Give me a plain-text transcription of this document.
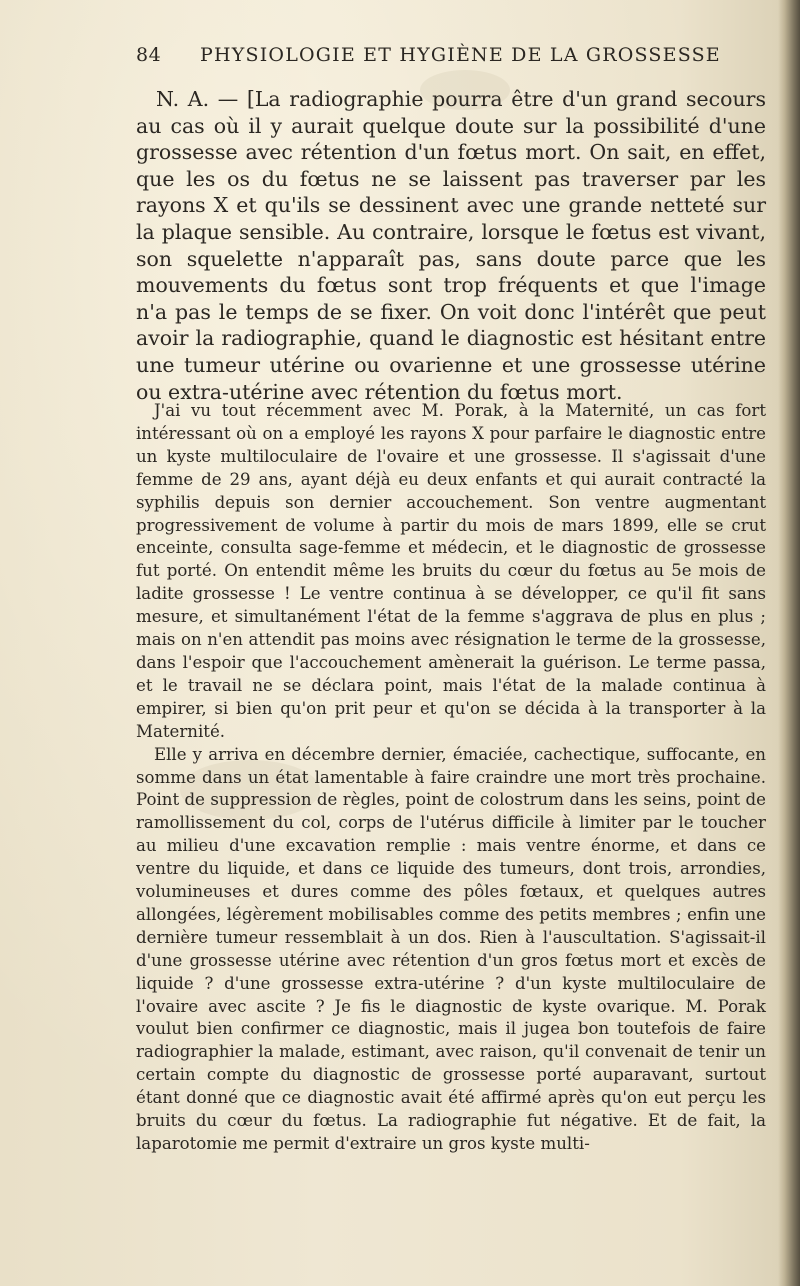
84 PHYSIOLOGIE ET HYGIÈNE DE LA GROSSESSE

N. A. — [La radiographie pourra être d'un grand secours au cas où il y aurait quelque doute sur la possibilité d'une grossesse avec rétention d'un fœtus mort. On sait, en effet, que les os du fœtus ne se laissent pas traverser par les rayons X et qu'ils se dessinent avec une grande netteté sur la plaque sensible. Au contraire, lorsque le fœtus est vivant, son squelette n'apparaît pas, sans doute parce que les mouvements du fœtus sont trop fréquents et que l'image n'a pas le temps de se fixer. On voit donc l'intérêt que peut avoir la radiographie, quand le diagnostic est hésitant entre une tumeur utérine ou ovarienne et une grossesse utérine ou extra-utérine avec rétention du fœtus mort.

J'ai vu tout récemment avec M. Porak, à la Maternité, un cas fort intéressant où on a employé les rayons X pour parfaire le diagnostic entre un kyste multiloculaire de l'ovaire et une grossesse. Il s'agissait d'une femme de 29 ans, ayant déjà eu deux enfants et qui aurait contracté la syphilis depuis son dernier accouchement. Son ventre augmentant progressivement de volume à partir du mois de mars 1899, elle se crut enceinte, consulta sage-femme et médecin, et le diagnostic de grossesse fut porté. On entendit même les bruits du cœur du fœtus au 5e mois de ladite grossesse ! Le ventre continua à se développer, ce qu'il fit sans mesure, et simultanément l'état de la femme s'aggrava de plus en plus ; mais on n'en attendit pas moins avec résignation le terme de la grossesse, dans l'espoir que l'accouchement amènerait la guérison. Le terme passa, et le travail ne se déclara point, mais l'état de la malade continua à empirer, si bien qu'on prit peur et qu'on se décida à la transporter à la Maternité.

Elle y arriva en décembre dernier, émaciée, cachectique, suffocante, en somme dans un état lamentable à faire craindre une mort très prochaine. Point de suppression de règles, point de colostrum dans les seins, point de ramollissement du col, corps de l'utérus difficile à limiter par le toucher au milieu d'une excavation remplie : mais ventre énorme, et dans ce ventre du liquide, et dans ce liquide des tumeurs, dont trois, arrondies, volumineuses et dures comme des pôles fœtaux, et quelques autres allongées, légèrement mobilisables comme des petits membres ; enfin une dernière tumeur ressemblait à un dos. Rien à l'auscultation. S'agissait-il d'une grossesse utérine avec rétention d'un gros fœtus mort et excès de liquide ? d'une grossesse extra-utérine ? d'un kyste multiloculaire de l'ovaire avec ascite ? Je fis le diagnostic de kyste ovarique. M. Porak voulut bien confirmer ce diagnostic, mais il jugea bon toutefois de faire radiographier la malade, estimant, avec raison, qu'il convenait de tenir un certain compte du diagnostic de grossesse porté auparavant, surtout étant donné que ce diagnostic avait été affirmé après qu'on eut perçu les bruits du cœur du fœtus. La radiographie fut négative. Et de fait, la laparotomie me permit d'extraire un gros kyste multi-
